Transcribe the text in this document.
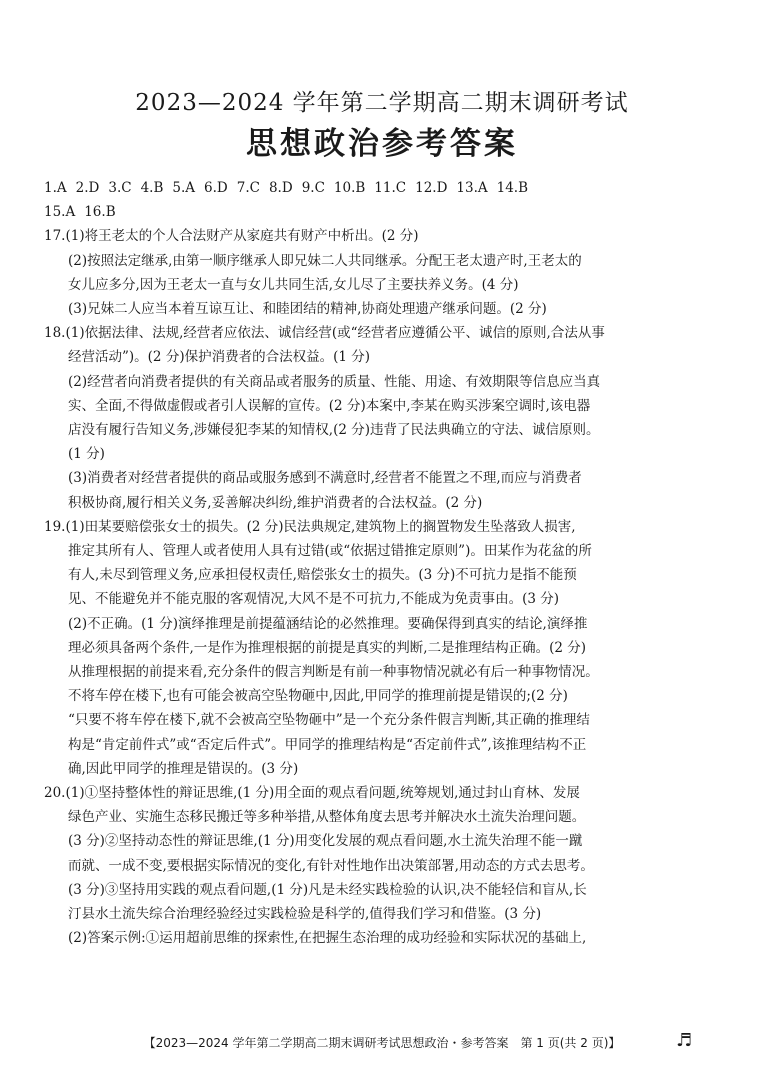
2023—2024 学年第二学期高二期末调研考试
思想政治参考答案
1.A 2.D 3.C 4.B 5.A 6.D 7.C 8.D 9.C 10.B 11.C 12.D 13.A 14.B
15.A 16.B
17.(1)将王老太的个人合法财产从家庭共有财产中析出。(2 分)
(2)按照法定继承,由第一顺序继承人即兄妹二人共同继承。分配王老太遗产时,王老太的
女儿应多分,因为王老太一直与女儿共同生活,女儿尽了主要扶养义务。(4 分)
(3)兄妹二人应当本着互谅互让、和睦团结的精神,协商处理遗产继承问题。(2 分)
18.(1)依据法律、法规,经营者应依法、诚信经营(或“经营者应遵循公平、诚信的原则,合法从事
经营活动”)。(2 分)保护消费者的合法权益。(1 分)
(2)经营者向消费者提供的有关商品或者服务的质量、性能、用途、有效期限等信息应当真
实、全面,不得做虚假或者引人误解的宣传。(2 分)本案中,李某在购买涉案空调时,该电器
店没有履行告知义务,涉嫌侵犯李某的知情权,(2 分)违背了民法典确立的守法、诚信原则。
(1 分)
(3)消费者对经营者提供的商品或服务感到不满意时,经营者不能置之不理,而应与消费者
积极协商,履行相关义务,妥善解决纠纷,维护消费者的合法权益。(2 分)
19.(1)田某要赔偿张女士的损失。(2 分)民法典规定,建筑物上的搁置物发生坠落致人损害,
推定其所有人、管理人或者使用人具有过错(或“依据过错推定原则”)。田某作为花盆的所
有人,未尽到管理义务,应承担侵权责任,赔偿张女士的损失。(3 分)不可抗力是指不能预
见、不能避免并不能克服的客观情况,大风不是不可抗力,不能成为免责事由。(3 分)
(2)不正确。(1 分)演绎推理是前提蕴涵结论的必然推理。要确保得到真实的结论,演绎推
理必须具备两个条件,一是作为推理根据的前提是真实的判断,二是推理结构正确。(2 分)
从推理根据的前提来看,充分条件的假言判断是有前一种事物情况就必有后一种事物情况。
不将车停在楼下,也有可能会被高空坠物砸中,因此,甲同学的推理前提是错误的;(2 分)
“只要不将车停在楼下,就不会被高空坠物砸中”是一个充分条件假言判断,其正确的推理结
构是“肯定前件式”或“否定后件式”。甲同学的推理结构是“否定前件式”,该推理结构不正
确,因此甲同学的推理是错误的。(3 分)
20.(1)①坚持整体性的辩证思维,(1 分)用全面的观点看问题,统筹规划,通过封山育林、发展
绿色产业、实施生态移民搬迁等多种举措,从整体角度去思考并解决水土流失治理问题。
(3 分)②坚持动态性的辩证思维,(1 分)用变化发展的观点看问题,水土流失治理不能一蹴
而就、一成不变,要根据实际情况的变化,有针对性地作出决策部署,用动态的方式去思考。
(3 分)③坚持用实践的观点看问题,(1 分)凡是未经实践检验的认识,决不能轻信和盲从,长
汀县水土流失综合治理经验经过实践检验是科学的,值得我们学习和借鉴。(3 分)
(2)答案示例:①运用超前思维的探索性,在把握生态治理的成功经验和实际状况的基础上,
【2023—2024 学年第二学期高二期末调研考试思想政治・参考答案　第 1 页(共 2 页)】	♬
